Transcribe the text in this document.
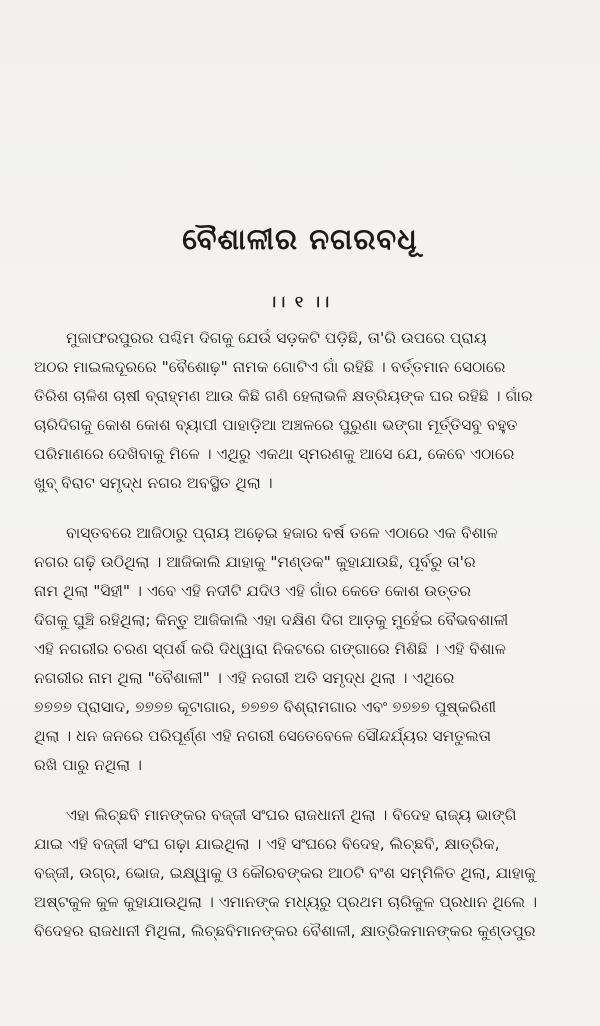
ବୈଶାଳୀର ନଗରବଧୂ
।। ୧ ।।
ମୁଜାଫରପୁରର ପଶ୍ଚିମ ଦିଗକୁ ଯେଉଁ ସଡ଼କଟି ପଡ଼ିଛି, ତା'ରି ଉପରେ ପ୍ରାୟ
ଅଠର ମାଇଲଦୂରରେ "ବୈଶୋଢ଼" ନାମକ ଗୋଟିଏ ଗାଁ ରହିଛି । ବର୍ତ୍ତମାନ ସେଠାରେ
ତିରିଶ ଚାଳିଶ ଚାଷୀ ବ୍ରାହ୍ମଣ ଆଉ କିଛି ଗଣି ହେଲାଭଳି କ୍ଷତ୍ରିୟଙ୍କ ଘର ରହିଛି । ଗାଁର
ଚାରିଦିଗକୁ କୋଶ କୋଶ ବ୍ୟାପୀ ପାହାଡ଼ିଆ ଅଞ୍ଚଳରେ ପୁରୁଣା ଭଙ୍ଗା ମୂର୍ତ୍ତିସବୁ ବହୁତ
ପରିମାଣରେ ଦେଖିବାକୁ ମିଳେ । ଏଥିରୁ ଏକଥା ସ୍ମରଣକୁ ଆସେ ଯେ, କେବେ ଏଠାରେ
ଖୁବ୍ ବିରାଟ ସମୃଦ୍ଧ ନଗର ଅବସ୍ଥିତ ଥିଲା ।
ବାସ୍ତବରେ ଆଜିଠାରୁ ପ୍ରାୟ ଅଢ଼େଇ ହଜାର ବର୍ଷ ତଳେ ଏଠାରେ ଏକ ବିଶାଳ
ନଗର ଗଢ଼ି ଉଠିଥିଲା । ଆଜିକାଲି ଯାହାକୁ "ମଣ୍ଡକ" କୁହାଯାଉଛି, ପୂର୍ବରୁ ତା'ର
ନାମ ଥିଲା "ସିହୀ" । ଏବେ ଏହି ନଦୀଟି ଯଦିଓ ଏହି ଗାଁର କେତେ କୋଶ ଉତ୍ତର
ଦିଗକୁ ଘୁଞ୍ଚି ରହିଥିଲା; କିନ୍ତୁ ଆଜିକାଲି ଏହା ଦକ୍ଷିଣ ଦିଗ ଆଡ଼କୁ ମୁହେଁଇ ବୈଭବଶାଳୀ
ଏହି ନଗରୀର ଚରଣ ସ୍ପର୍ଶ କରି ଦିଧ୍ୱାରା ନିକଟରେ ଗଙ୍ଗାରେ ମିଶିଛି । ଏହି ବିଶାଳ
ନଗରୀର ନାମ ଥିଲା "ବୈଶାଳୀ" । ଏହି ନଗରୀ ଅତି ସମୃଦ୍ଧ ଥିଲା । ଏଥିରେ
୭୭୭୭ ପ୍ରାସାଦ, ୭୭୭୭ କୂଟାଗାର, ୭୭୭୭ ବିଶ୍ରାମଗାର ଏବଂ ୭୭୭୭ ପୁଷ୍କରିଣୀ
ଥିଲା । ଧନ ଜନରେ ପରିପୂର୍ଣ୍ଣ ଏହି ନଗରୀ ସେତେବେଳେ ସୌନ୍ଦର୍ଯ୍ୟର ସମତୁଲତା
ରଖି ପାରୁ ନଥିଲା ।
ଏହା ଲିଚ୍ଛବି ମାନଙ୍କର ବଜ୍ଜୀ ସଂଘର ରାଜଧାନୀ ଥିଲା । ବିଦେହ ରାଜ୍ୟ ଭାଙ୍ଗି
ଯାଇ ଏହି ବଜ୍ଜୀ ସଂଘ ଗଢ଼ା ଯାଇଥିଲା । ଏହି ସଂଘରେ ବିଦେହ, ଲିଚ୍ଛବି, କ୍ଷାତ୍ରିକ,
ବଜ୍ଜୀ, ଉଗ୍ର, ଭୋଜ, ଇକ୍ଷ୍ୱାକୁ ଓ କୌରବଙ୍କର ଆଠଟି ବଂଶ ସମ୍ମିଳିତ ଥିଲା, ଯାହାକୁ
ଅଷ୍ଟକୁଳ କୁଳ କୁହାଯାଉଥିଲା । ଏମାନଙ୍କ ମଧ୍ୟରୁ ପ୍ରଥମ ଚାରିକୁଳ ପ୍ରଧାନ ଥିଲେ ।
ବିଦେହର ରାଜଧାନୀ ମିଥିଳା, ଲିଚ୍ଛବିମାନଙ୍କର ବୈଶାଳୀ, କ୍ଷାତ୍ରିକମାନଙ୍କର କୁଣ୍ଡପୁର
